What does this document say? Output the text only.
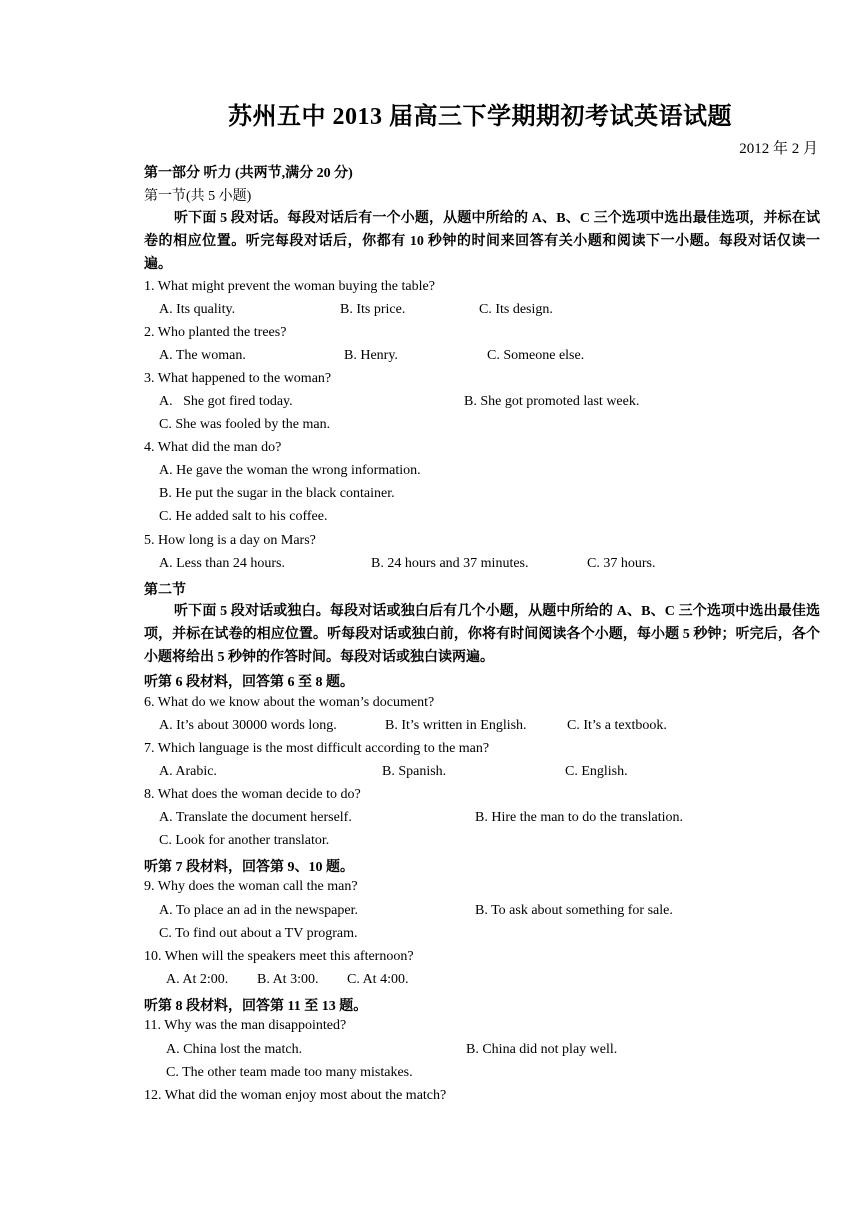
苏州五中 2013 届高三下学期期初考试英语试题
2012 年 2 月
第一部分 听力 (共两节,满分 20 分)
第一节(共 5 小题)
听下面 5 段对话。每段对话后有一个小题，从题中所给的 A、B、C 三个选项中选出最佳选项，并标在试卷的相应位置。听完每段对话后，你都有 10 秒钟的时间来回答有关小题和阅读下一小题。每段对话仅读一遍。
1. What might prevent the woman buying the table?
A. Its quality.	B. Its price.	C. Its design.
2. Who planted the trees?
A. The woman.	B. Henry.	C. Someone else.
3. What happened to the woman?
A.   She got fired today.	B. She got promoted last week.
C. She was fooled by the man.
4. What did the man do?
A. He gave the woman the wrong information.
B. He put the sugar in the black container.
C. He added salt to his coffee.
5. How long is a day on Mars?
A. Less than 24 hours.	B. 24 hours and 37 minutes.	C. 37 hours.
第二节
听下面 5 段对话或独白。每段对话或独白后有几个小题，从题中所给的 A、B、C 三个选项中选出最佳选项，并标在试卷的相应位置。听每段对话或独白前，你将有时间阅读各个小题，每小题 5 秒钟；听完后，各个小题将给出 5 秒钟的作答时间。每段对话或独白读两遍。
听第 6 段材料，回答第 6 至 8 题。
6. What do we know about the woman’s document?
A. It’s about 30000 words long.	B. It’s written in English.	C. It’s a textbook.
7. Which language is the most difficult according to the man?
A. Arabic.	B. Spanish.	C. English.
8. What does the woman decide to do?
A. Translate the document herself.	B. Hire the man to do the translation.
C. Look for another translator.
听第 7 段材料，回答第 9、10 题。
9. Why does the woman call the man?
A. To place an ad in the newspaper.	B. To ask about something for sale.
C. To find out about a TV program.
10. When will the speakers meet this afternoon?
A. At 2:00. B. At 3:00. C. At 4:00.
听第 8 段材料，回答第 11 至 13 题。
11. Why was the man disappointed?
A. China lost the match.	B. China did not play well.
C. The other team made too many mistakes.
12. What did the woman enjoy most about the match?
